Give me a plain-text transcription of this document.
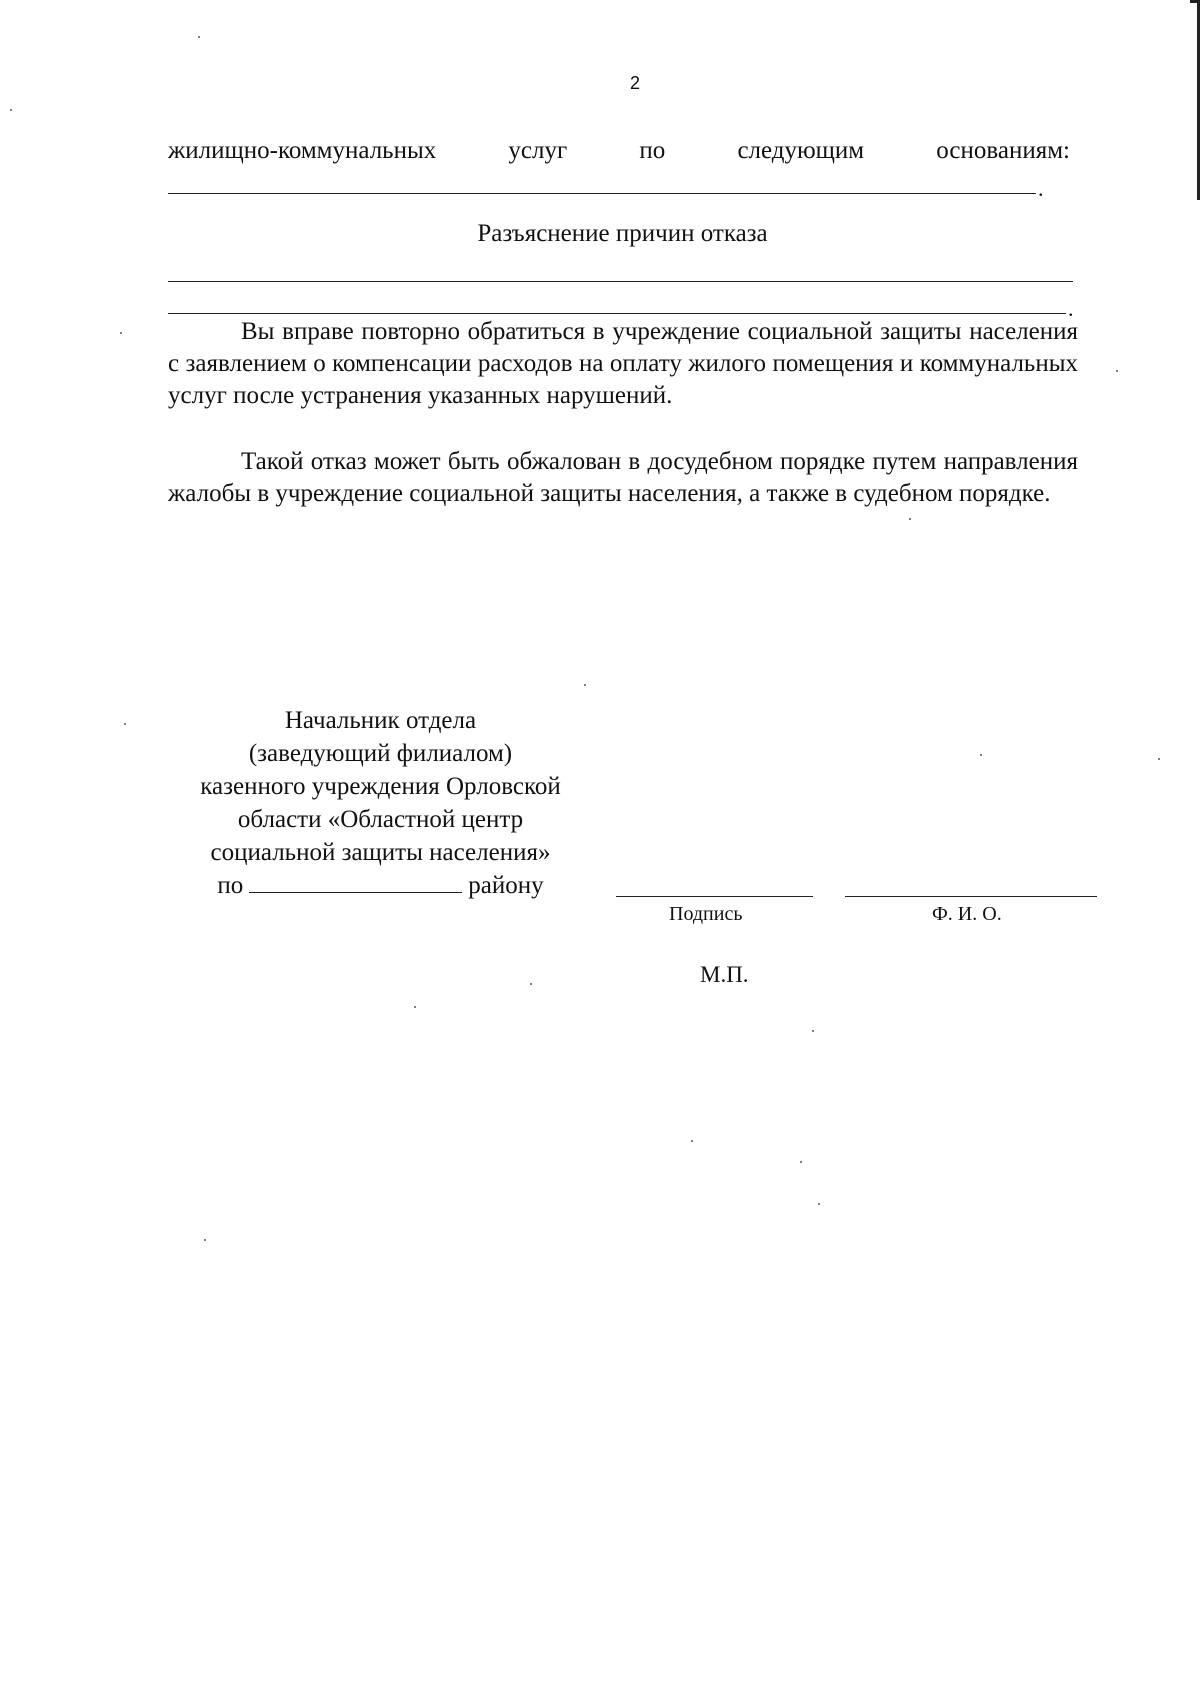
2
жилищно-коммунальных	услуг	по	следующим	основаниям:
.
Разъяснение причин отказа
.

Вы вправе повторно обратиться в учреждение социальной защиты населения с заявлением о компенсации расходов на оплату жилого помещения и коммунальных услуг после устранения указанных нарушений.

Такой отказ может быть обжалован в досудебном порядке путем направления жалобы в учреждение социальной защиты населения, а также в судебном порядке.

Начальник отдела
(заведующий филиалом)
казенного учреждения Орловской
области «Областной центр
социальной защиты населения»
по	району
Подпись	Ф. И. О.
М.П.
